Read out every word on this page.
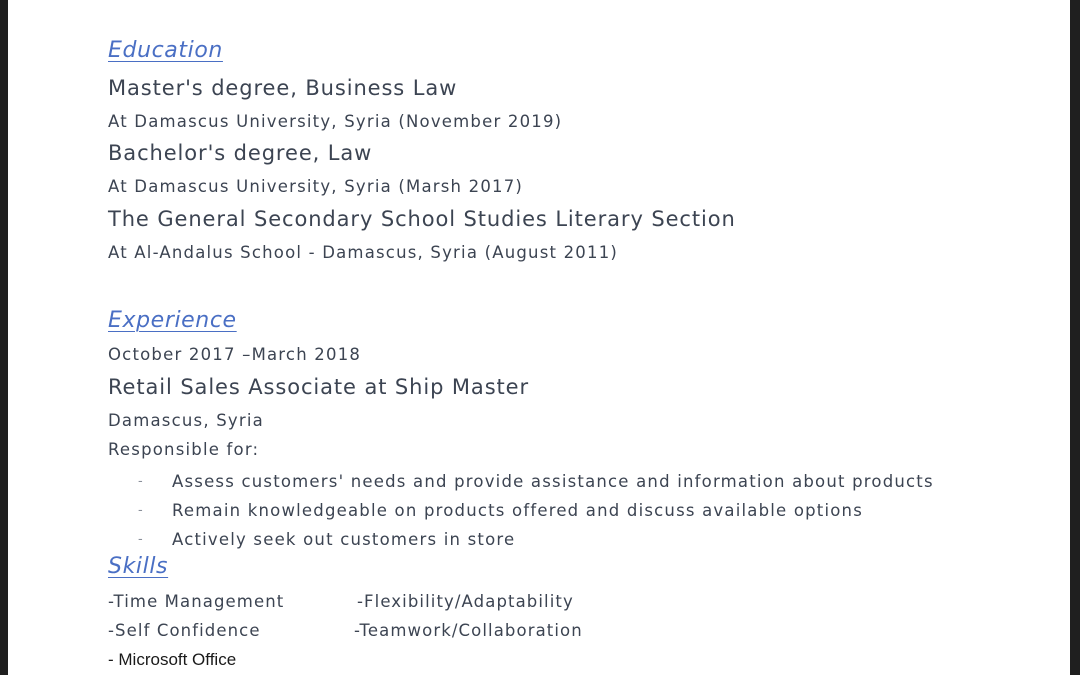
Education
Master's degree, Business Law
At Damascus University, Syria (November 2019)
Bachelor's degree, Law
At Damascus University, Syria (Marsh 2017)
The General Secondary School Studies Literary Section
At Al-Andalus School - Damascus, Syria (August 2011)
Experience
October 2017 –March 2018
Retail Sales Associate at Ship Master
Damascus, Syria
Responsible for:
-	Assess customers' needs and provide assistance and information about products
-	Remain knowledgeable on products offered and discuss available options
-	Actively seek out customers in store
Skills
-Time Management
-Self Confidence
- Microsoft Office
-Flexibility/Adaptability
-Teamwork/Collaboration
